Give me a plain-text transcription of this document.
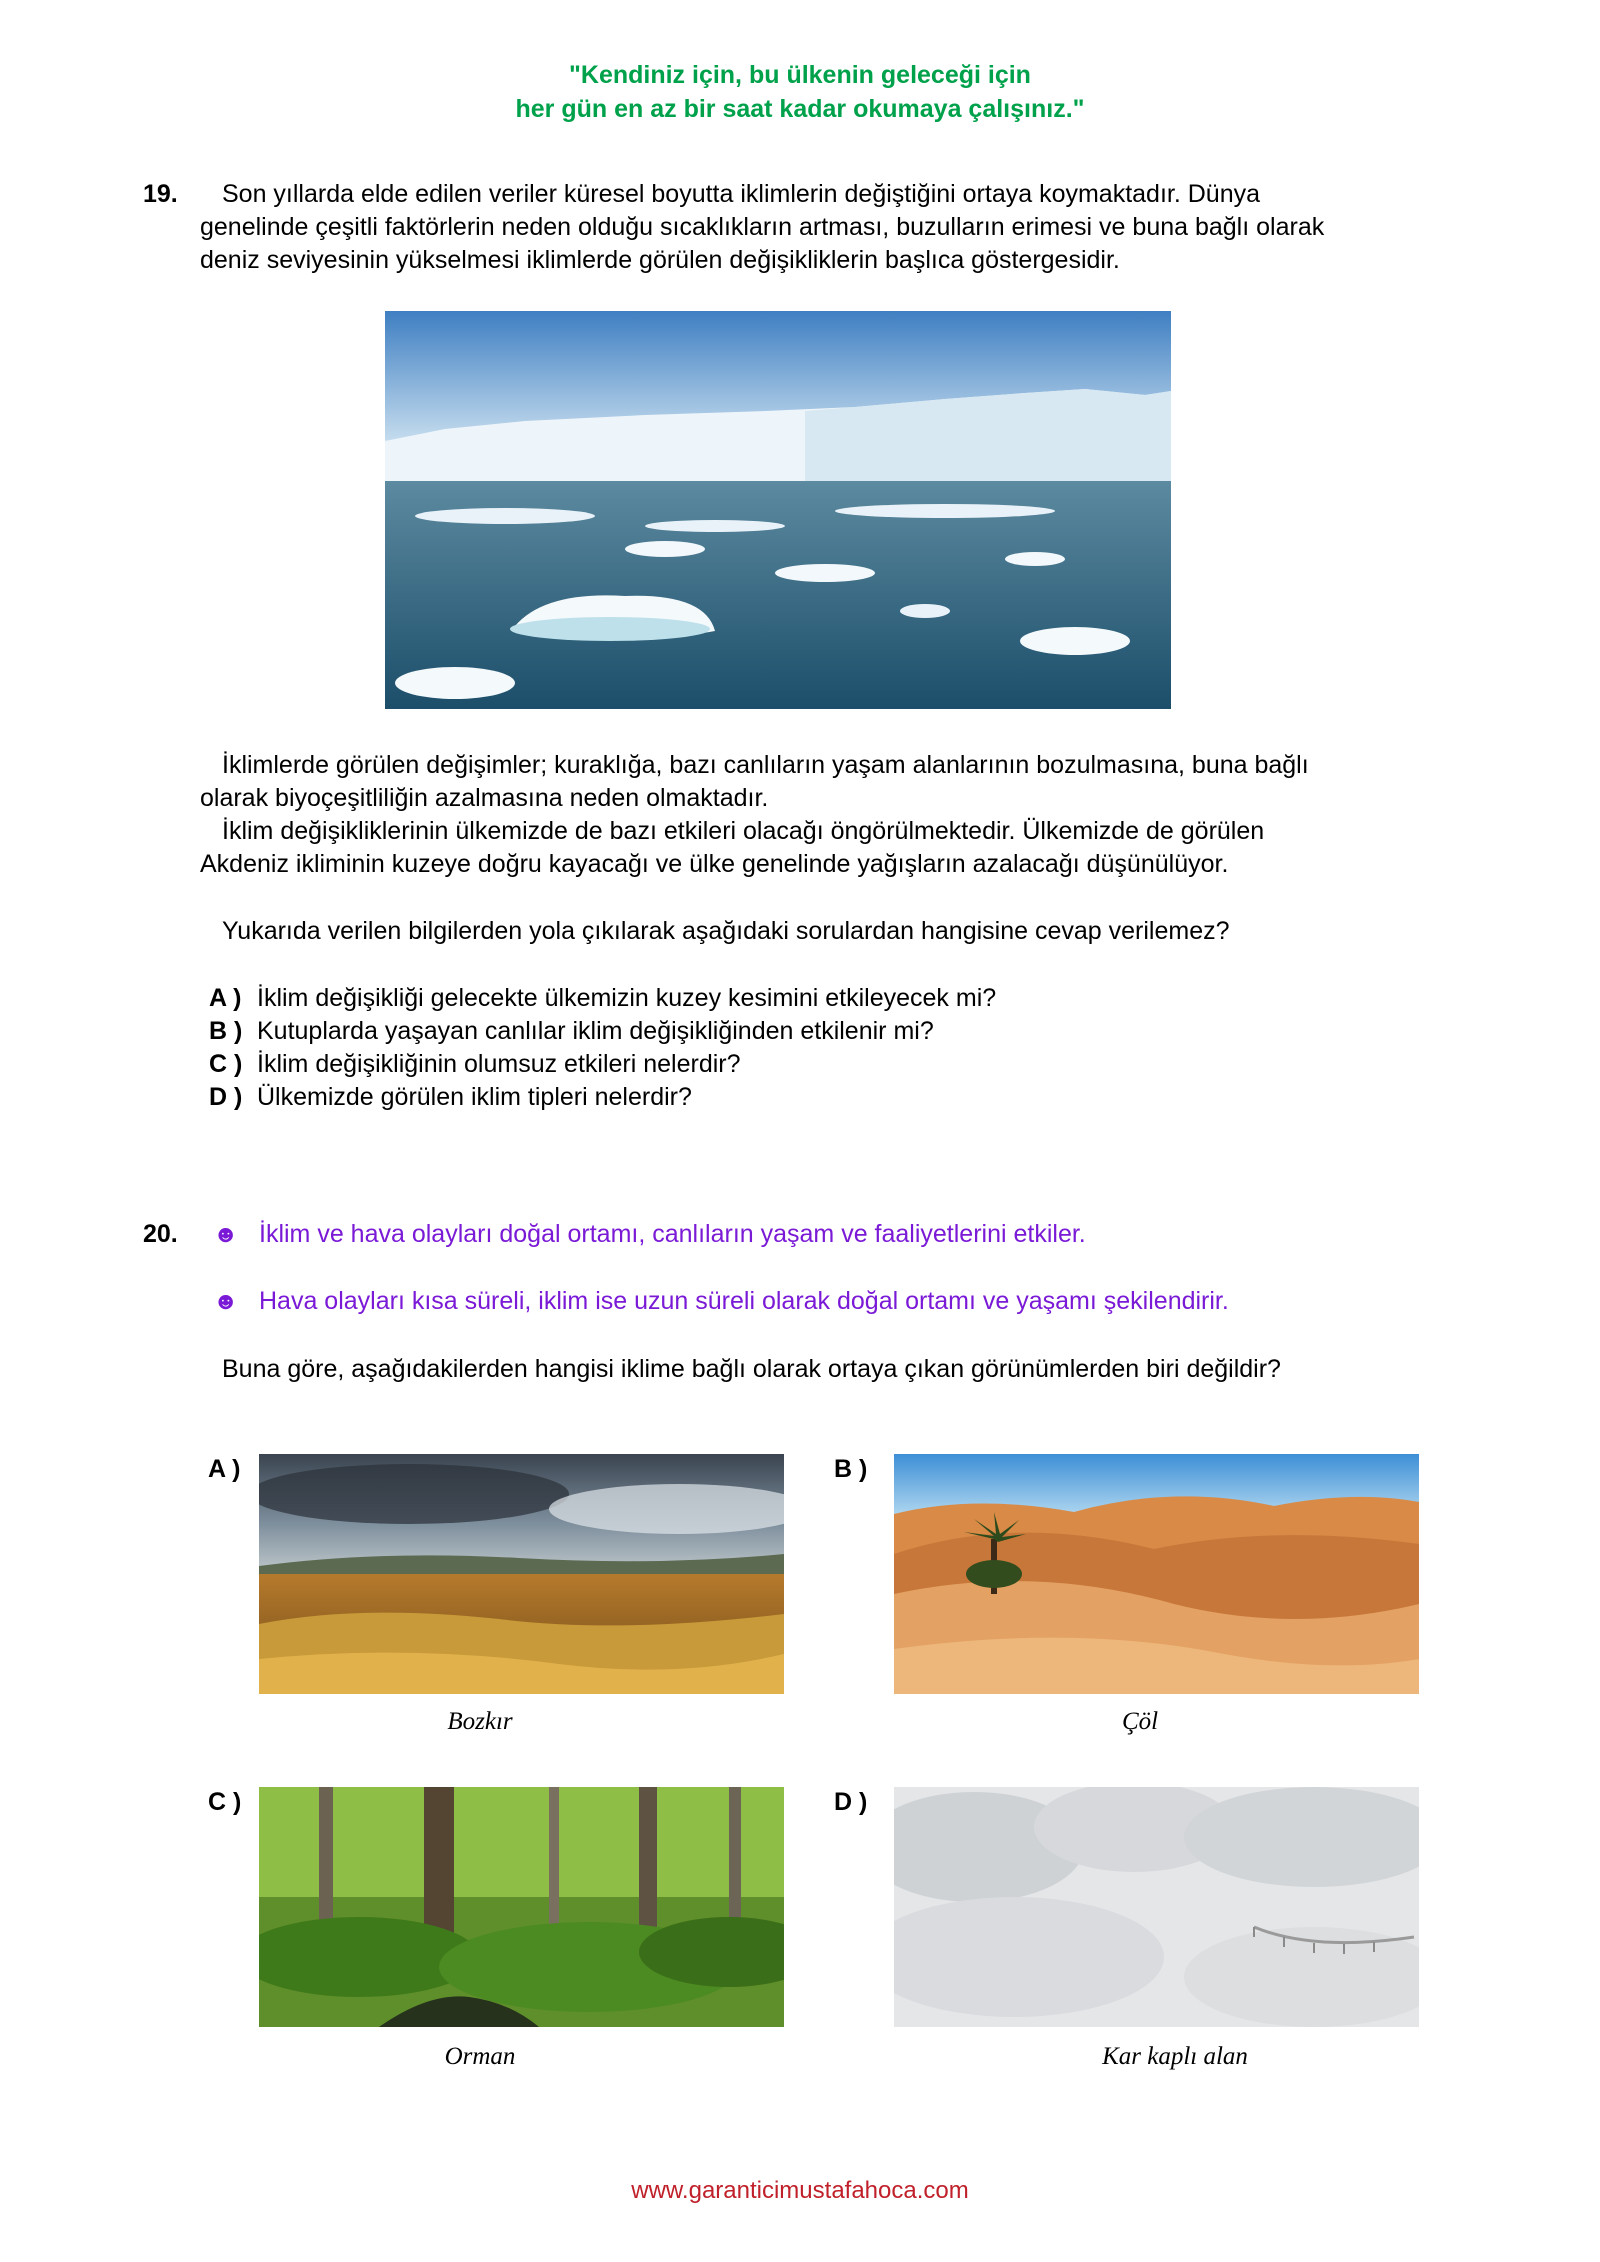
"Kendiniz için, bu ülkenin geleceği için
her gün en az bir saat kadar okumaya çalışınız."
19. Son yıllarda elde edilen veriler küresel boyutta iklimlerin değiştiğini ortaya koymaktadır. Dünya
genelinde çeşitli faktörlerin neden olduğu sıcaklıkların artması, buzulların erimesi ve buna bağlı olarak
deniz seviyesinin yükselmesi iklimlerde görülen değişikliklerin başlıca göstergesidir.
İklimlerde görülen değişimler; kuraklığa, bazı canlıların yaşam alanlarının bozulmasına, buna bağlı
olarak biyoçeşitliliğin azalmasına neden olmaktadır.
İklim değişikliklerinin ülkemizde de bazı etkileri olacağı öngörülmektedir. Ülkemizde de görülen
Akdeniz ikliminin kuzeye doğru kayacağı ve ülke genelinde yağışların azalacağı düşünülüyor.
Yukarıda verilen bilgilerden yola çıkılarak aşağıdaki sorulardan hangisine cevap verilemez?
A ) İklim değişikliği gelecekte ülkemizin kuzey kesimini etkileyecek mi?
B ) Kutuplarda yaşayan canlılar iklim değişikliğinden etkilenir mi?
C ) İklim değişikliğinin olumsuz etkileri nelerdir?
D ) Ülkemizde görülen iklim tipleri nelerdir?
20. ☻ İklim ve hava olayları doğal ortamı, canlıların yaşam ve faaliyetlerini etkiler.
☻ Hava olayları kısa süreli, iklim ise uzun süreli olarak doğal ortamı ve yaşamı şekilendirir.
Buna göre, aşağıdakilerden hangisi iklime bağlı olarak ortaya çıkan görünümlerden biri değildir?
A )
Bozkır
B )
Çöl
C )
Orman
D )
Kar kaplı alan
www.garanticimustafahoca.com
